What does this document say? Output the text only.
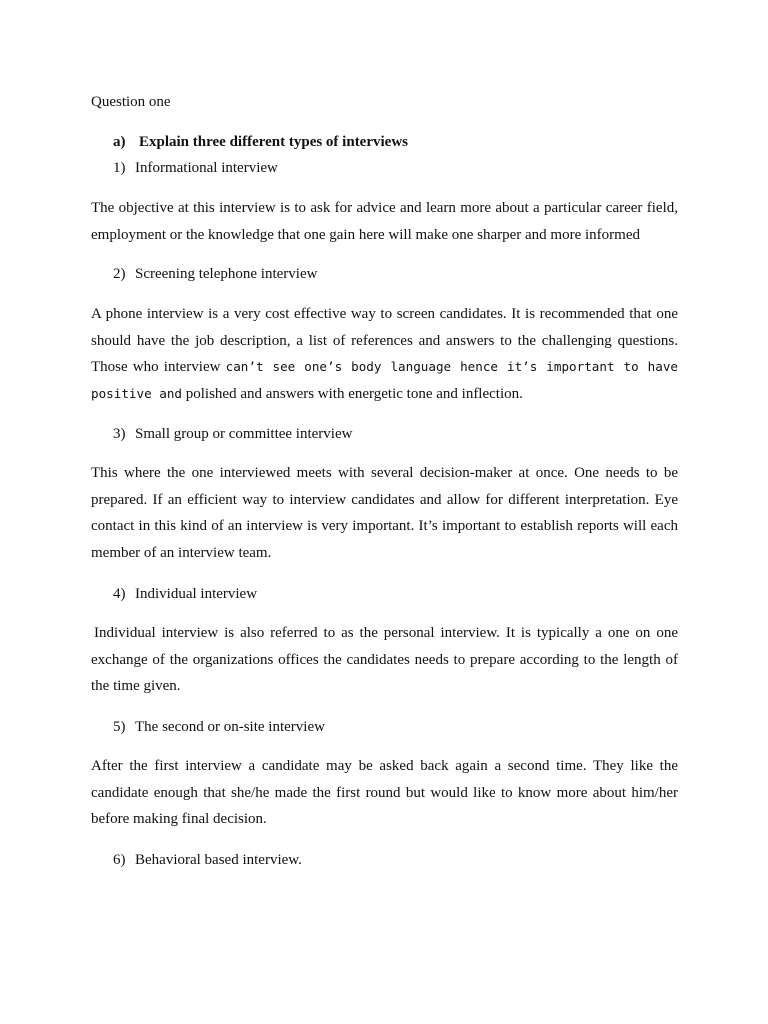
Question one
a) Explain three different types of interviews
1) Informational interview
The objective at this interview is to ask for advice and learn more about a particular career field, employment or the knowledge that one gain here will make one sharper and more informed
2) Screening telephone interview
A phone interview is a very cost effective way to screen candidates. It is recommended that one should have the job description, a list of references and answers to the challenging questions. Those who interview can’t see one’s body language hence it’s important to have positive and polished and answers with energetic tone and inflection.
3) Small group or committee interview
This where the one interviewed meets with several decision-maker at once. One needs to be prepared. If an efficient way to interview candidates and allow for different interpretation. Eye contact in this kind of an interview is very important. It’s important to establish reports will each member of an interview team.
4) Individual interview
Individual interview is also referred to as the personal interview. It is typically a one on one exchange of the organizations offices the candidates needs to prepare according to the length of the time given.
5) The second or on-site interview
After the first interview a candidate may be asked back again a second time. They like the candidate enough that she/he made the first round but would like to know more about him/her before making final decision.
6) Behavioral based interview.
